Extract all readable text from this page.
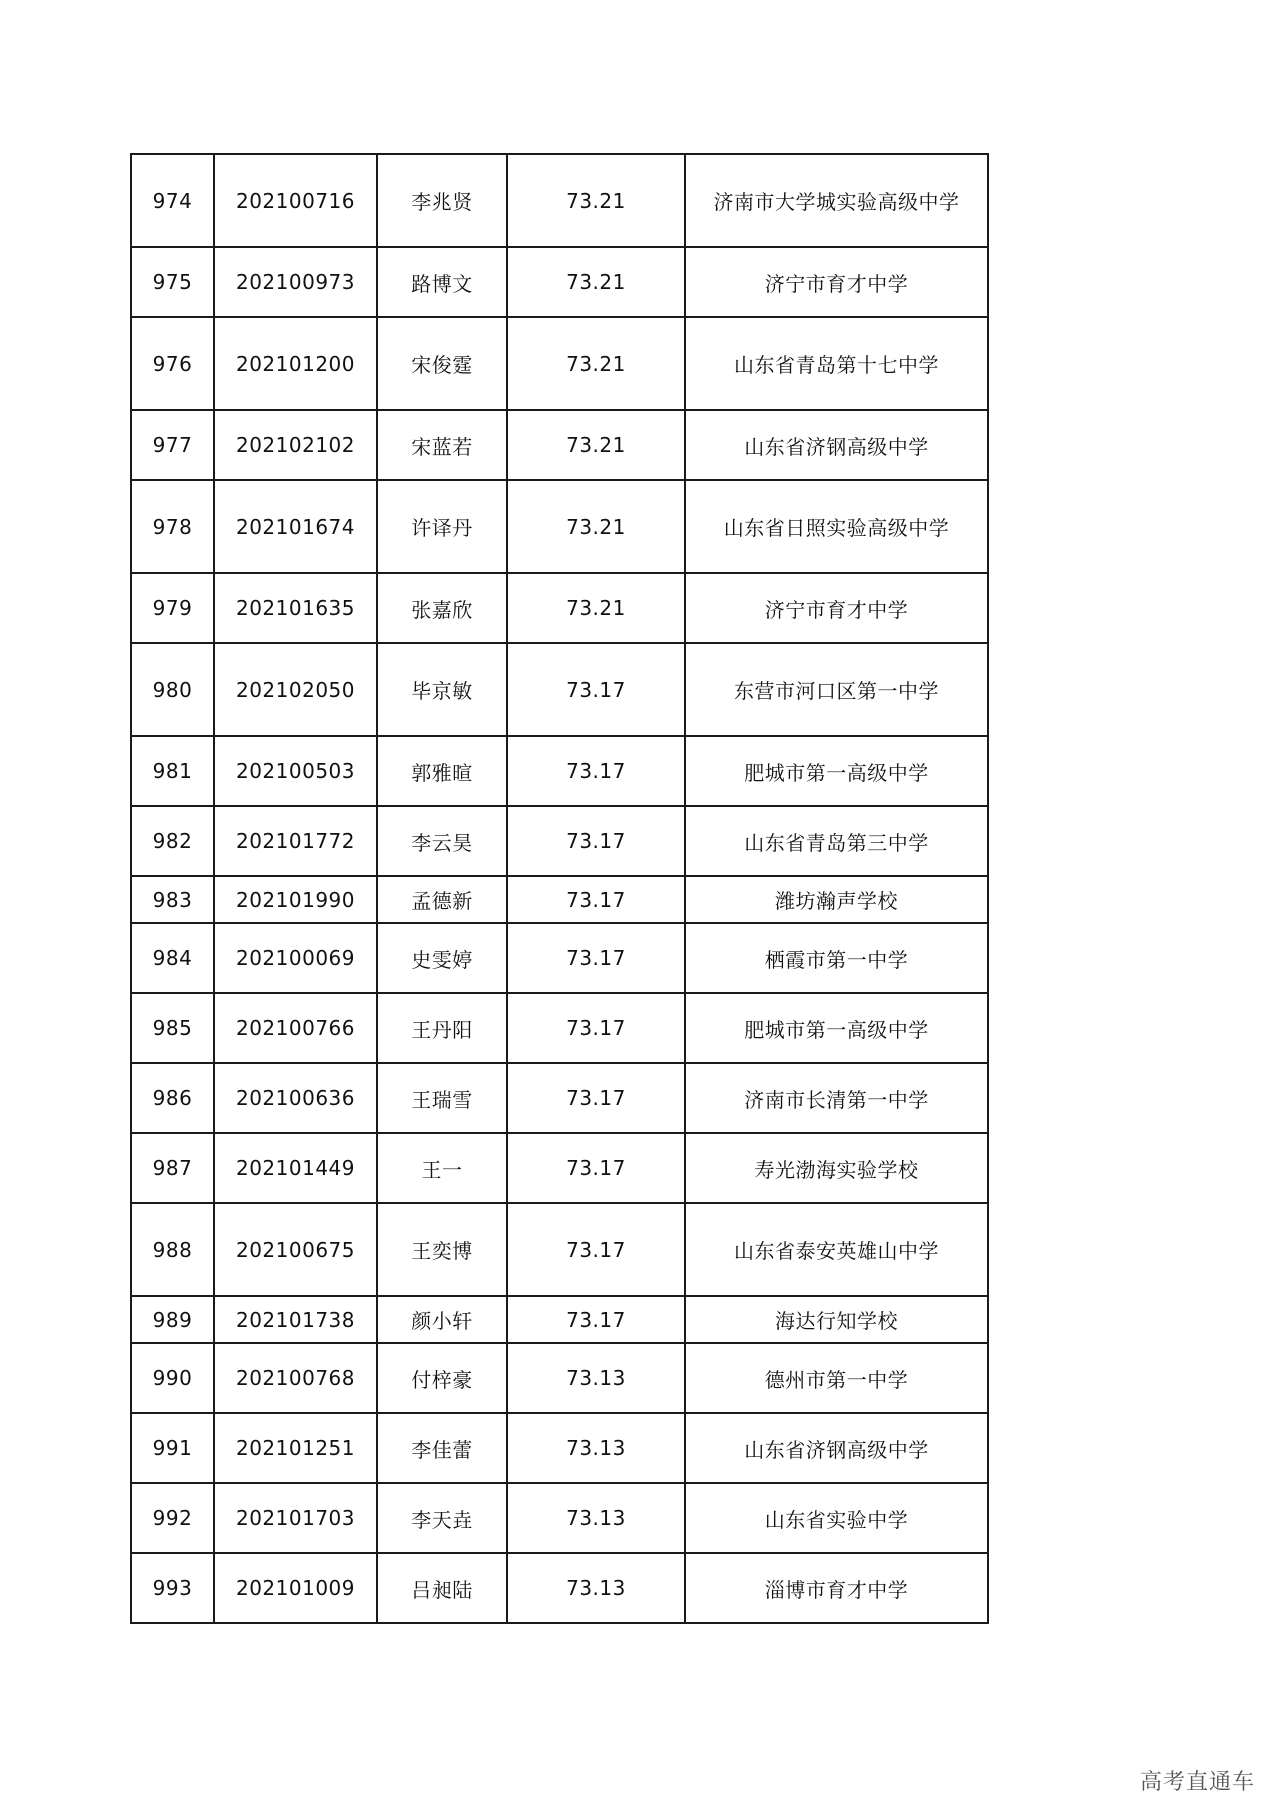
974	202100716	李兆贤	73.21	济南市大学城实验高级中学
975	202100973	路博文	73.21	济宁市育才中学
976	202101200	宋俊霆	73.21	山东省青岛第十七中学
977	202102102	宋蓝若	73.21	山东省济钢高级中学
978	202101674	许译丹	73.21	山东省日照实验高级中学
979	202101635	张嘉欣	73.21	济宁市育才中学
980	202102050	毕京敏	73.17	东营市河口区第一中学
981	202100503	郭雅暄	73.17	肥城市第一高级中学
982	202101772	李云昊	73.17	山东省青岛第三中学
983	202101990	孟德新	73.17	潍坊瀚声学校
984	202100069	史雯婷	73.17	栖霞市第一中学
985	202100766	王丹阳	73.17	肥城市第一高级中学
986	202100636	王瑞雪	73.17	济南市长清第一中学
987	202101449	王一	73.17	寿光渤海实验学校
988	202100675	王奕博	73.17	山东省泰安英雄山中学
989	202101738	颜小轩	73.17	海达行知学校
990	202100768	付梓豪	73.13	德州市第一中学
991	202101251	李佳蕾	73.13	山东省济钢高级中学
992	202101703	李天垚	73.13	山东省实验中学
993	202101009	吕昶陆	73.13	淄博市育才中学
高考直通车
